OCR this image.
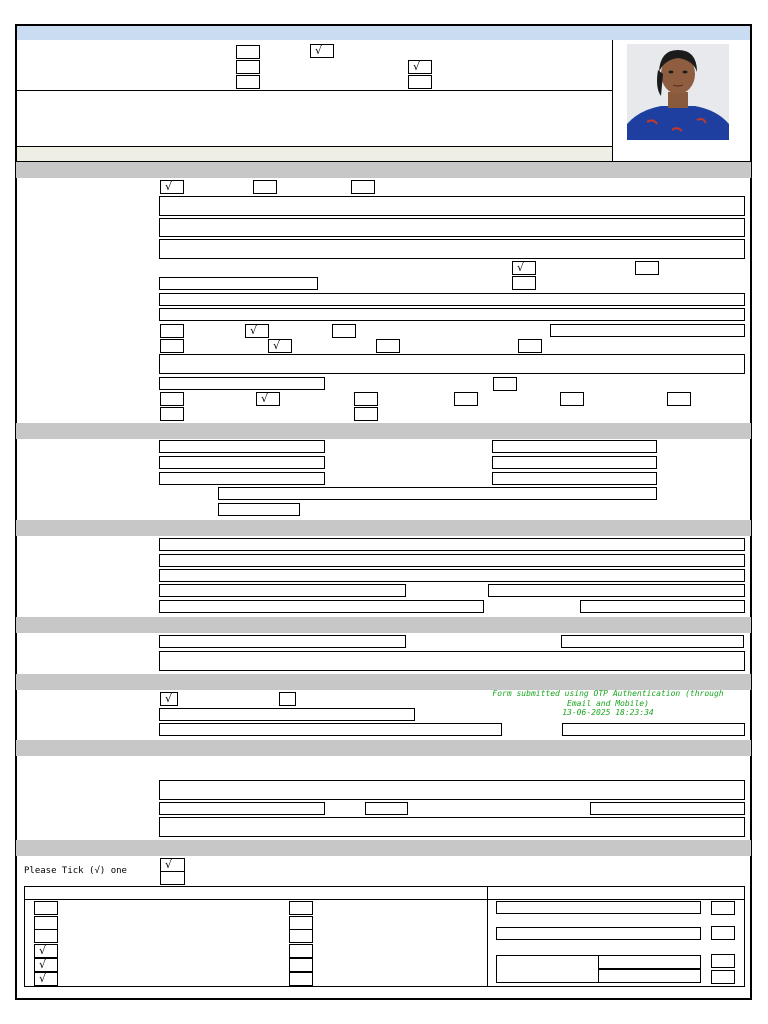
√
√
√
√
√
√
√
√	Form submitted using OTP Authentication (through Email and Mobile)
13-06-2025 18:23:34
Please Tick (√) one	√
√
√
√
